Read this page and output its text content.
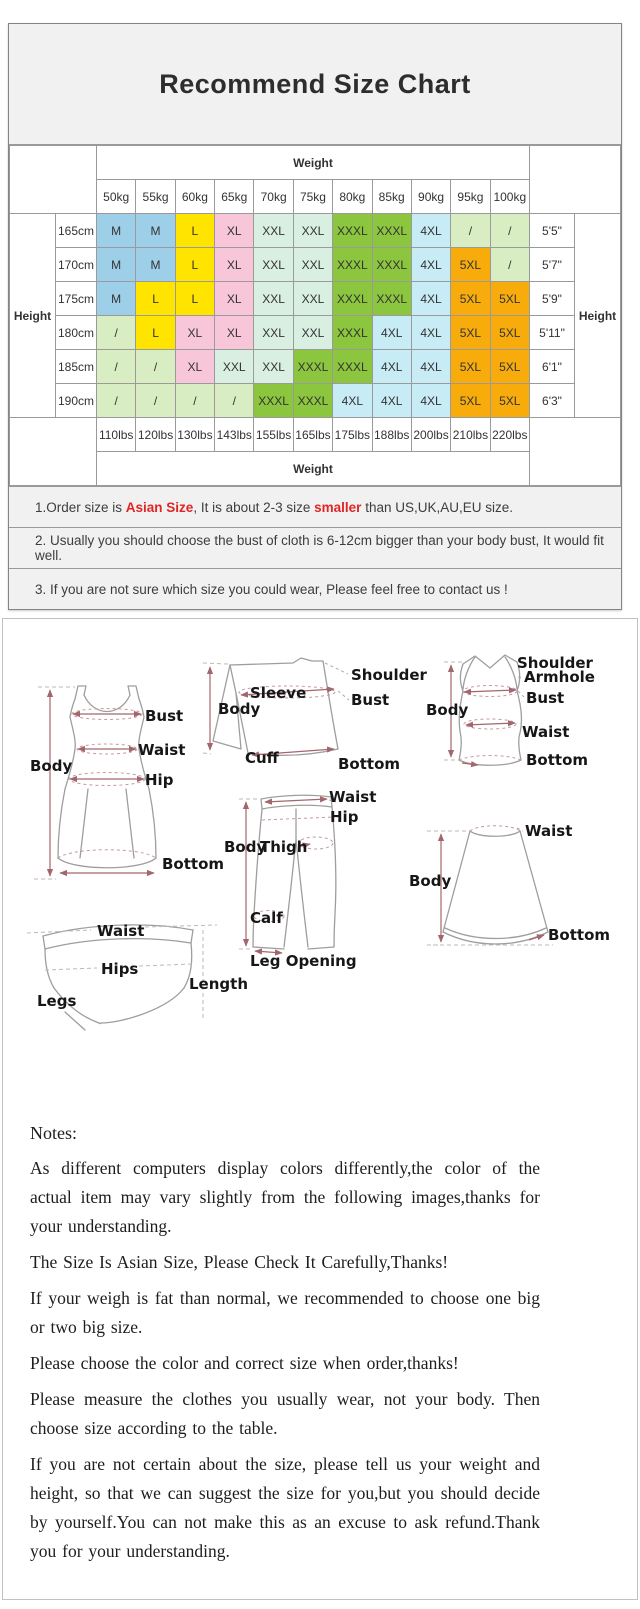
Recommend Size Chart
		Weight												
		50kg	55kg	60kg	65kg	70kg	75kg	80kg	85kg	90kg	95kg	100kg		
Height	165cm	M	M	L	XL	XXL	XXL	XXXL	XXXL	4XL	/	/	5'5"	Height
	170cm	M	M	L	XL	XXL	XXL	XXXL	XXXL	4XL	5XL	/	5'7"	
	175cm	M	L	L	XL	XXL	XXL	XXXL	XXXL	4XL	5XL	5XL	5'9"	
	180cm	/	L	XL	XL	XXL	XXL	XXXL	4XL	4XL	5XL	5XL	5'11"	
	185cm	/	/	XL	XXL	XXL	XXXL	XXXL	4XL	4XL	5XL	5XL	6'1"	
	190cm	/	/	/	/	XXXL	XXXL	4XL	4XL	4XL	5XL	5XL	6'3"	
		110lbs	120lbs	130lbs	143lbs	155lbs	165lbs	175lbs	188lbs	200lbs	210lbs	220lbs		
		Weight												
1.Order size is Asian Size , It is about 2-3 size smaller than US,UK,AU,EU size.
2. Usually you should choose the bust of cloth is 6-12cm bigger than your body bust, It would fit well.
3. If you are not sure which size you could wear, Please feel free to contact us !
Bust
Waist
Hip
Body
Bottom
Shoulder
Sleeve
Body	Bust
Cuff	Bottom
Shoulder
Armhole
Body
Bust
Waist
Bottom
Waist
Hip
Body
Thigh
Calf
Leg Opening
Waist
Body
Bottom
Waist
Hips
Legs
Length
Notes:

As different computers display colors differently,the color of the actual item may vary slightly from the following images,thanks for your understanding.

The Size Is Asian Size, Please Check It Carefully,Thanks!

If your weigh is fat than normal, we recommended to choose one big or two big size.

Please choose the color and correct size when order,thanks!

Please measure the clothes you usually wear, not your body. Then choose size according to the table.

If you are not certain about the size, please tell us your weight and height, so that we can suggest the size for you,but you should decide by yourself.You can not make this as an excuse to ask refund.Thank you for your understanding.
